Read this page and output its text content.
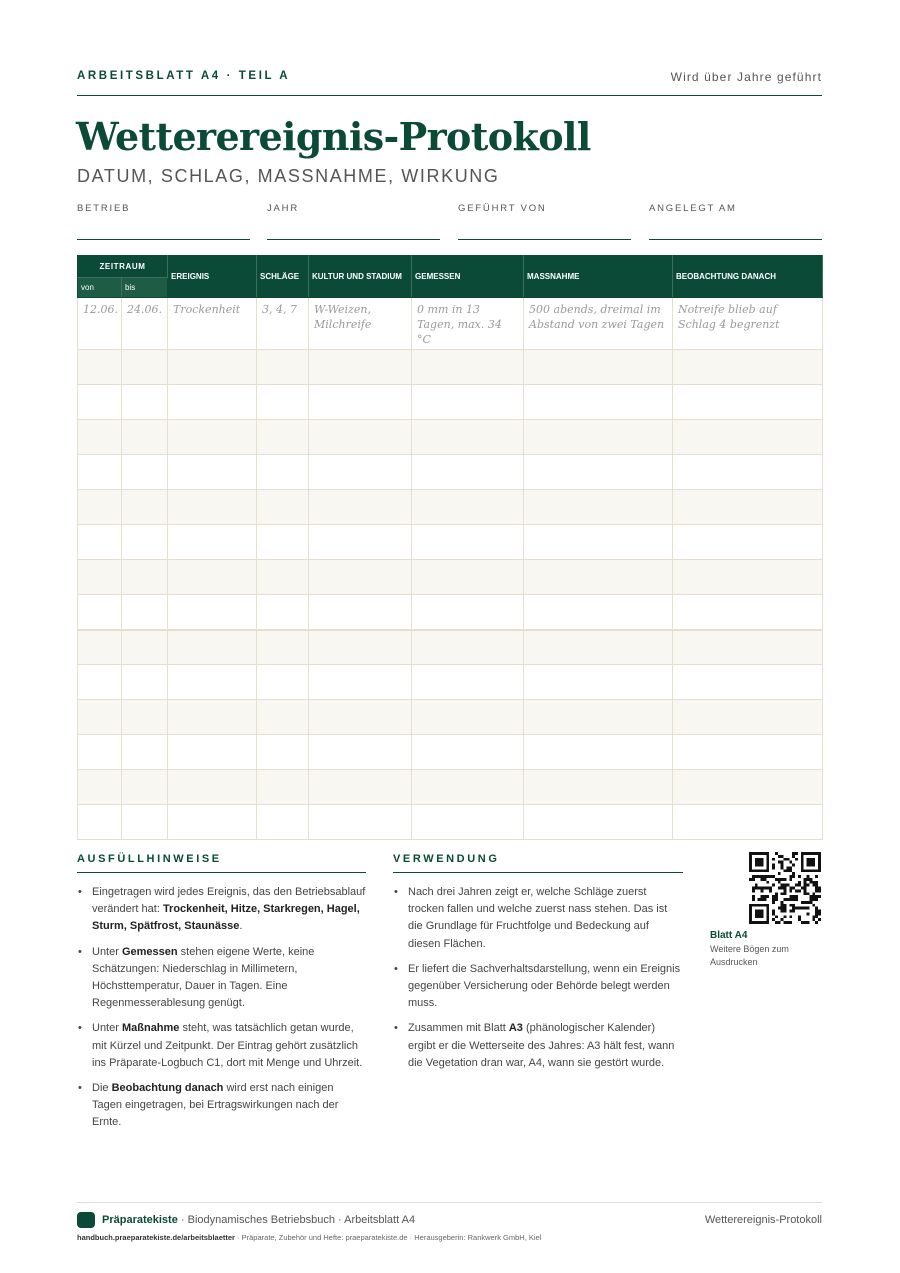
ARBEITSBLATT A4 · TEIL A	Wird über Jahre geführt
Wetterereignis-Protokoll
DATUM, SCHLAG, MASSNAHME, WIRKUNG
BETRIEB	JAHR	GEFÜHRT VON	ANGELEGT AM
ZEITRAUM		EREIGNIS	SCHLÄGE	KULTUR UND STADIUM	GEMESSEN	MASSNAHME	BEOBACHTUNG DANACH
von	bis						
12.06.	24.06.	Trockenheit	3, 4, 7	W-Weizen, Milchreife	0 mm in 13 Tagen, max. 34 °C	500 abends, dreimal im Abstand von zwei Tagen	Notreife blieb auf Schlag 4 begrenzt

AUSFÜLLHINWEISE
• Eingetragen wird jedes Ereignis, das den Betriebsablauf verändert hat: Trockenheit, Hitze, Starkregen, Hagel, Sturm, Spätfrost, Staunässe.
• Unter Gemessen stehen eigene Werte, keine Schätzungen: Niederschlag in Millimetern, Höchsttemperatur, Dauer in Tagen. Eine Regenmesserablesung genügt.
• Unter Maßnahme steht, was tatsächlich getan wurde, mit Kürzel und Zeitpunkt. Der Eintrag gehört zusätzlich ins Präparate-Logbuch C1, dort mit Menge und Uhrzeit.
• Die Beobachtung danach wird erst nach einigen Tagen eingetragen, bei Ertragswirkungen nach der Ernte.
VERWENDUNG
• Nach drei Jahren zeigt er, welche Schläge zuerst trocken fallen und welche zuerst nass stehen. Das ist die Grundlage für Fruchtfolge und Bedeckung auf diesen Flächen.
• Er liefert die Sachverhaltsdarstellung, wenn ein Ereignis gegenüber Versicherung oder Behörde belegt werden muss.
• Zusammen mit Blatt A3 (phänologischer Kalender) ergibt er die Wetterseite des Jahres: A3 hält fest, wann die Vegetation dran war, A4, wann sie gestört wurde.
Blatt A4
Weitere Bögen zum Ausdrucken
Präparatekiste · Biodynamisches Betriebsbuch · Arbeitsblatt A4	Wetterereignis-Protokoll
handbuch.praeparatekiste.de/arbeitsblaetter · Präparate, Zubehör und Hefte: praeparatekiste.de · Herausgeberin: Rankwerk GmbH, Kiel
